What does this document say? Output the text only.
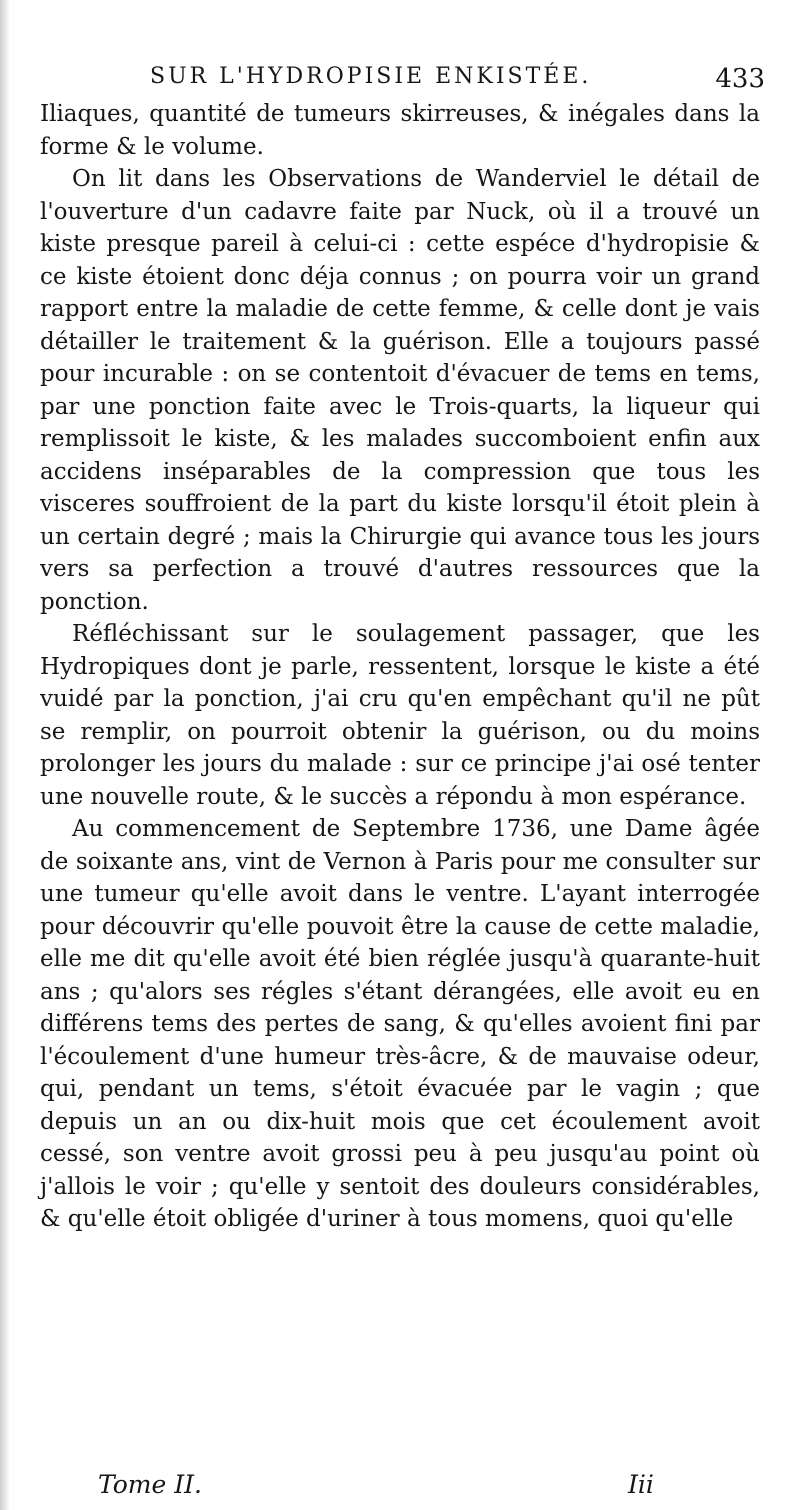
SUR L'HYDROPISIE ENKISTÉE.	433

Iliaques, quantité de tumeurs skirreuses, & inégales dans la forme & le volume.

On lit dans les Observations de Wanderviel le détail de l'ouverture d'un cadavre faite par Nuck, où il a trouvé un kiste presque pareil à celui-ci : cette espéce d'hydropisie & ce kiste étoient donc déja connus ; on pourra voir un grand rapport entre la maladie de cette femme, & celle dont je vais détailler le traitement & la guérison. Elle a toujours passé pour incurable : on se contentoit d'évacuer de tems en tems, par une ponction faite avec le Trois-quarts, la liqueur qui remplissoit le kiste, & les malades succomboient enfin aux accidens inséparables de la compression que tous les visceres souffroient de la part du kiste lorsqu'il étoit plein à un certain degré ; mais la Chirurgie qui avance tous les jours vers sa perfection a trouvé d'autres ressources que la ponction.

Réfléchissant sur le soulagement passager, que les Hydropiques dont je parle, ressentent, lorsque le kiste a été vuidé par la ponction, j'ai cru qu'en empêchant qu'il ne pût se remplir, on pourroit obtenir la guérison, ou du moins prolonger les jours du malade : sur ce principe j'ai osé tenter une nouvelle route, & le succès a répondu à mon espérance.

Au commencement de Septembre 1736, une Dame âgée de soixante ans, vint de Vernon à Paris pour me consulter sur une tumeur qu'elle avoit dans le ventre. L'ayant interrogée pour découvrir qu'elle pouvoit être la cause de cette maladie, elle me dit qu'elle avoit été bien réglée jusqu'à quarante-huit ans ; qu'alors ses régles s'étant dérangées, elle avoit eu en différens tems des pertes de sang, & qu'elles avoient fini par l'écoulement d'une humeur très-âcre, & de mauvaise odeur, qui, pendant un tems, s'étoit évacuée par le vagin ; que depuis un an ou dix-huit mois que cet écoulement avoit cessé, son ventre avoit grossi peu à peu jusqu'au point où j'allois le voir ; qu'elle y sentoit des douleurs considérables, & qu'elle étoit obligée d'uriner à tous momens, quoi qu'elle

Tome II.	Iii
